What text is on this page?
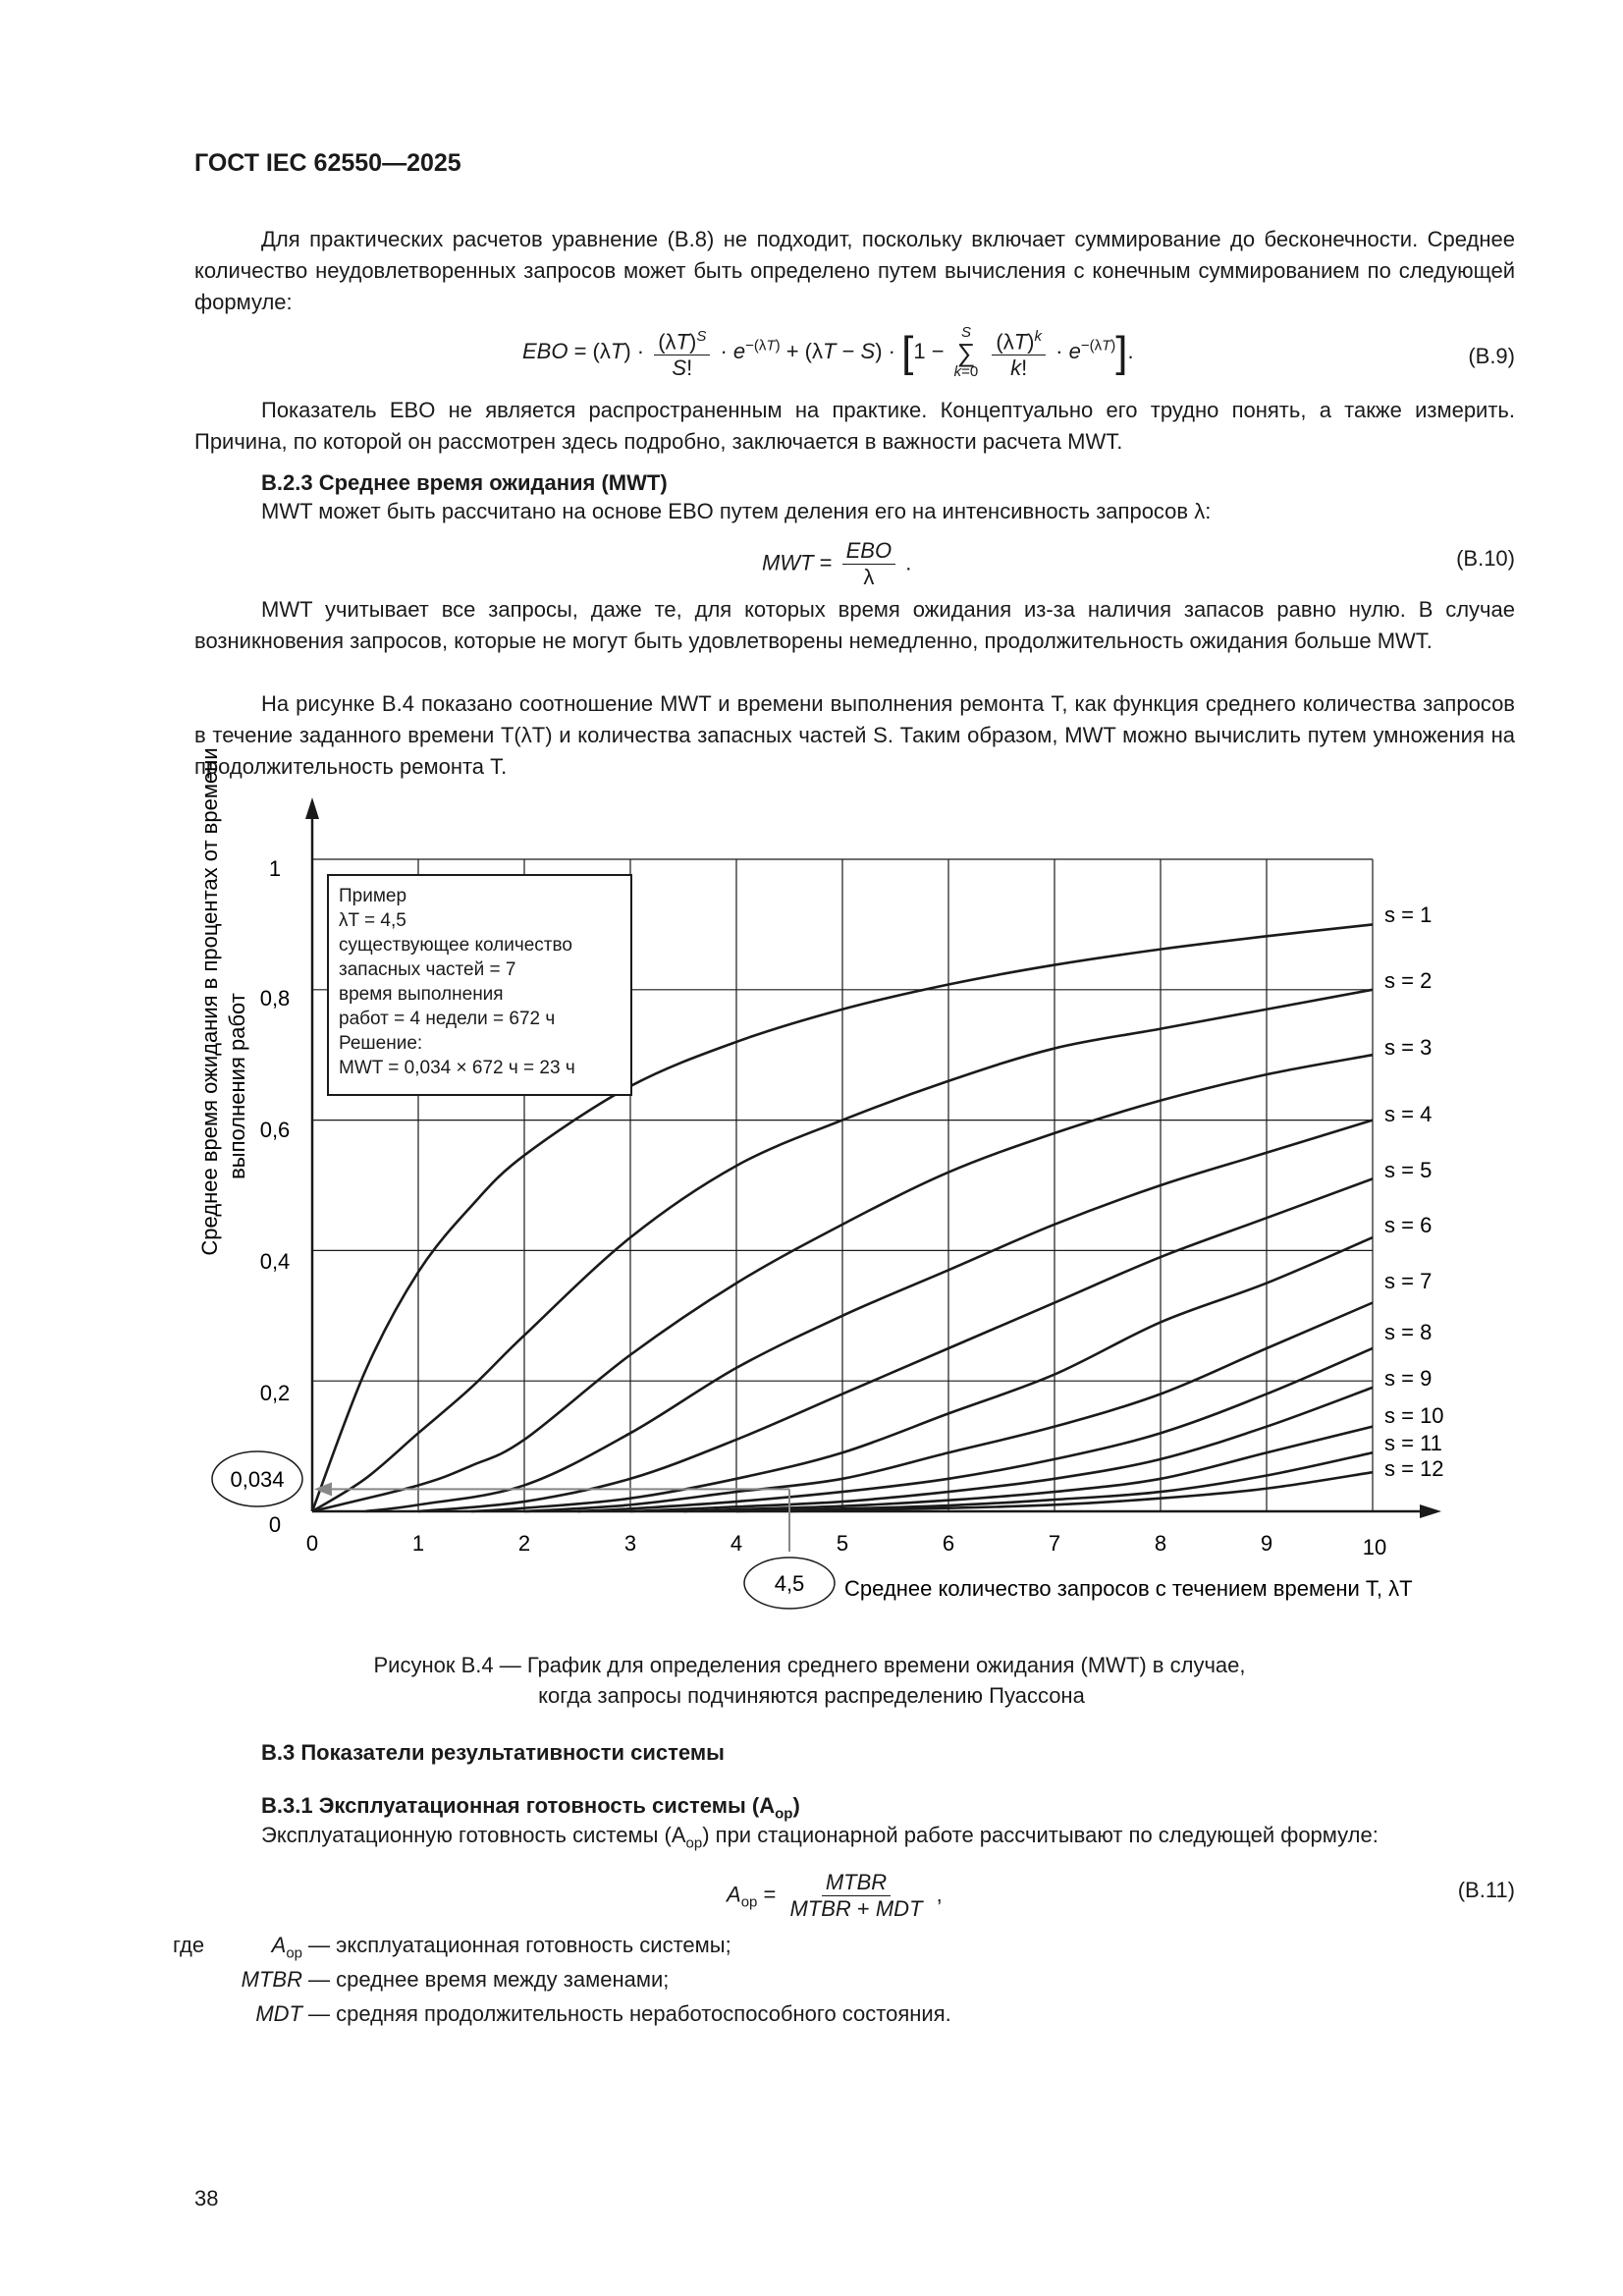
ГОСТ IEC 62550—2025
Для практических расчетов уравнение (B.8) не подходит, поскольку включает суммирование до бесконечности. Среднее количество неудовлетворенных запросов может быть определено путем вычисления с конечным суммированием по следующей формуле:
EBO = $(\lambda T) \cdot \frac{(\lambda T)^S}{S!} \cdot e^{-(\lambda T)} + (\lambda T - S) \cdot [1$ −
S
∑
k=0
$\frac{(\lambda T)^k}{k!} \cdot e^{-(\lambda T)}$].	(B.9)
Показатель EBO не является распространенным на практике. Концептуально его трудно понять, а также измерить. Причина, по которой он рассмотрен здесь подробно, заключается в важности расчета MWT.
B.2.3 Среднее время ожидания (MWT)
MWT может быть рассчитано на основе EBO путем деления его на интенсивность запросов λ:
MWT = $\frac{\text{EBO}}{\lambda}$ .	(B.10)
MWT учитывает все запросы, даже те, для которых время ожидания из-за наличия запасов равно нулю. В случае возникновения запросов, которые не могут быть удовлетворены немедленно, продолжительность ожидания больше MWT.
На рисунке B.4 показано соотношение MWT и времени выполнения ремонта T, как функция среднего количества запросов в течение заданного времени T(λT) и количества запасных частей S. Таким образом, MWT можно вычислить путем умножения на продолжительность ремонта T.
0	1	2	3	4	5	6	7	8	9	10
0
0,2
0,4
0,6
0,8
1
s = 1
s = 2
s = 3
s = 4
s = 5
s = 6
s = 7
s = 8
s = 9
s = 10
s = 11
s = 12
4,5
0,034
Среднее время ожидания в процентах от времени выполнения работ
Среднее количество запросов с течением времени T, λT
Пример
λT = 4,5
существующее количество
запасных частей = 7
время выполнения
работ = 4 недели = 672 ч
Решение:
MWT = 0,034 × 672 ч = 23 ч
Рисунок B.4 — График для определения среднего времени ожидания (MWT) в случае,
когда запросы подчиняются распределению Пуассона
B.3 Показатели результативности системы
B.3.1 Эксплуатационная готовность системы $(A_{op})$
Эксплуатационную готовность системы $(A_{op})$ при стационарной работе рассчитывают по следующей формуле:
$A_{op} = \frac{\text{MTBR}}{\text{MTBR + MDT}}$ ,	(B.11)
где	$A_{op}$ — эксплуатационная готовность системы;
MTBR — среднее время между заменами;
MDT — средняя продолжительность неработоспособного состояния.
38
